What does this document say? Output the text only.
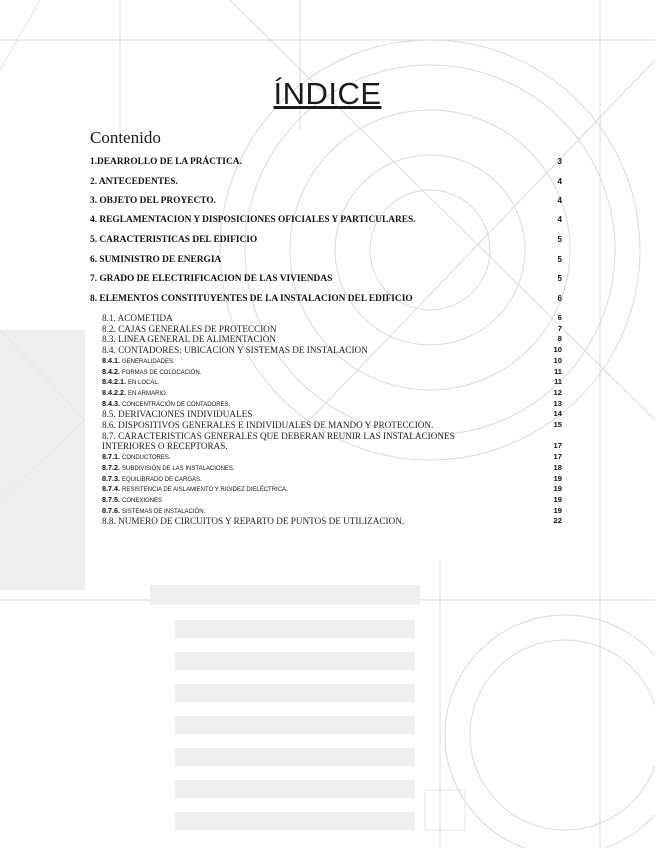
ÍNDICE
Contenido
1.DEARROLLO DE LA PRÁCTICA.	3
2. ANTECEDENTES.	4
3. OBJETO DEL PROYECTO.	4
4. REGLAMENTACION Y DISPOSICIONES OFICIALES Y PARTICULARES.	4
5. CARACTERISTICAS DEL EDIFICIO	5
6. SUMINISTRO DE ENERGIA	5
7. GRADO DE ELECTRIFICACION DE LAS VIVIENDAS	5
8. ELEMENTOS CONSTITUYENTES DE LA INSTALACION DEL EDIFICIO	6
8.1. ACOMETIDA	6
8.2. CAJAS GENERALES DE PROTECCION	7
8.3. LINEA GENERAL DE ALIMENTACION	8
8.4. CONTADORES: UBICACION Y SISTEMAS DE INSTALACION	10
8.4.1. GENERALIDADES.	10
8.4.2. FORMAS DE COLOCACIÓN.	11
8.4.2.1. EN LOCAL.	11
8.4.2.2. EN ARMARIO.	12
8.4.3. CONCENTRACIÓN DE CONTADORES.	13
8.5. DERIVACIONES INDIVIDUALES	14
8.6. DISPOSITIVOS GENERALES E INDIVIDUALES DE MANDO Y PROTECCION.	15
8.7. CARACTERISTICAS GENERALES QUE DEBERAN REUNIR LAS INSTALACIONES
INTERIORES O RECEPTORAS.	17
8.7.1. CONDUCTORES.	17
8.7.2. SUBDIVISIÓN DE LAS INSTALACIONES.	18
8.7.3. EQUILIBRADO DE CARGAS.	19
8.7.4. RESISTENCIA DE AISLAMIENTO Y RIGIDEZ DIELÉCTRICA.	19
8.7.5. CONEXIONES	19
8.7.6. SISTEMAS DE INSTALACIÓN.	19
8.8. NUMERO DE CIRCUITOS Y REPARTO DE PUNTOS DE UTILIZACION.	22
